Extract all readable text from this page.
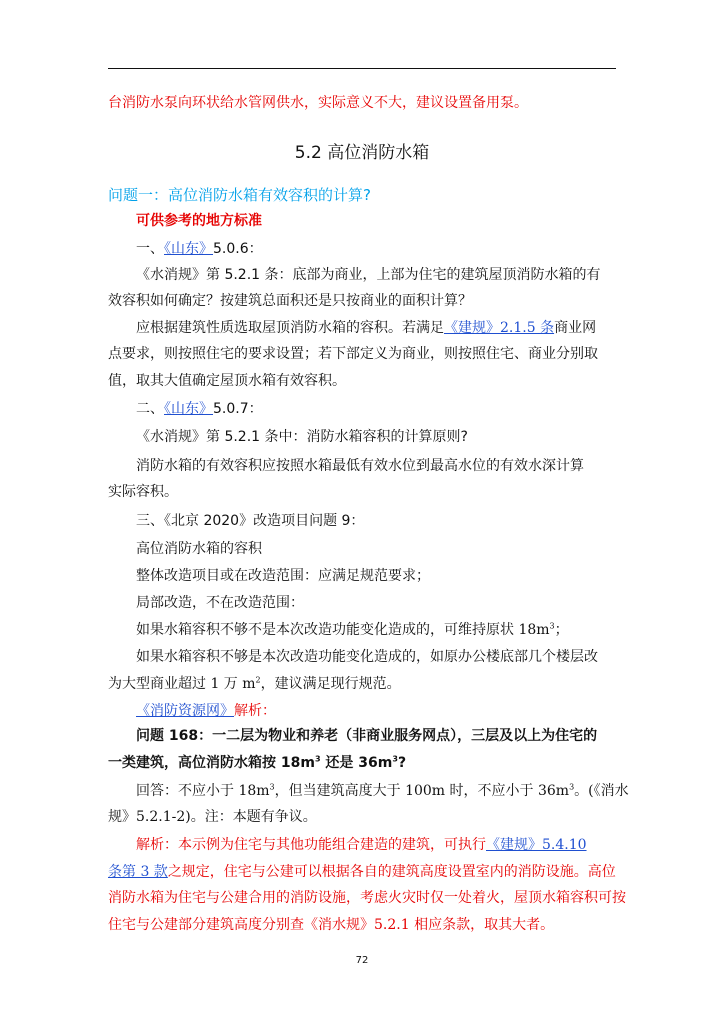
台消防水泵向环状给水管网供水，实际意义不大，建议设置备用泵。
5.2 高位消防水箱
问题一：高位消防水箱有效容积的计算?
可供参考的地方标准
一、《山东》5.0.6：
《水消规》第 5.2.1 条：底部为商业，上部为住宅的建筑屋顶消防水箱的有
效容积如何确定？按建筑总面积还是只按商业的面积计算？
应根据建筑性质选取屋顶消防水箱的容积。若满足《建规》2.1.5 条商业网
点要求，则按照住宅的要求设置；若下部定义为商业，则按照住宅、商业分别取
值，取其大值确定屋顶水箱有效容积。
二、《山东》5.0.7：
《水消规》第 5.2.1 条中：消防水箱容积的计算原则?
消防水箱的有效容积应按照水箱最低有效水位到最高水位的有效水深计算
实际容积。
三、《北京 2020》改造项目问题 9：
高位消防水箱的容积
整体改造项目或在改造范围：应满足规范要求；
局部改造，不在改造范围：
如果水箱容积不够不是本次改造功能变化造成的，可维持原状 $18m^3$；
如果水箱容积不够是本次改造功能变化造成的，如原办公楼底部几个楼层改
为大型商业超过 1 万 $m^2$，建议满足现行规范。
《消防资源网》解析：
问题 168：一二层为物业和养老（非商业服务网点），三层及以上为住宅的
一类建筑，高位消防水箱按 $18m^3$ 还是 $36m^3$?
回答：不应小于 $18m^3$，但当建筑高度大于 100m 时，不应小于 $36m^3$。(《消水
规》5.2.1-2)。注：本题有争议。
解析：本示例为住宅与其他功能组合建造的建筑，可执行《建规》5.4.10
条第 3 款之规定，住宅与公建可以根据各自的建筑高度设置室内的消防设施。高位
消防水箱为住宅与公建合用的消防设施，考虑火灾时仅一处着火，屋顶水箱容积可按
住宅与公建部分建筑高度分别查《消水规》5.2.1 相应条款，取其大者。
72
